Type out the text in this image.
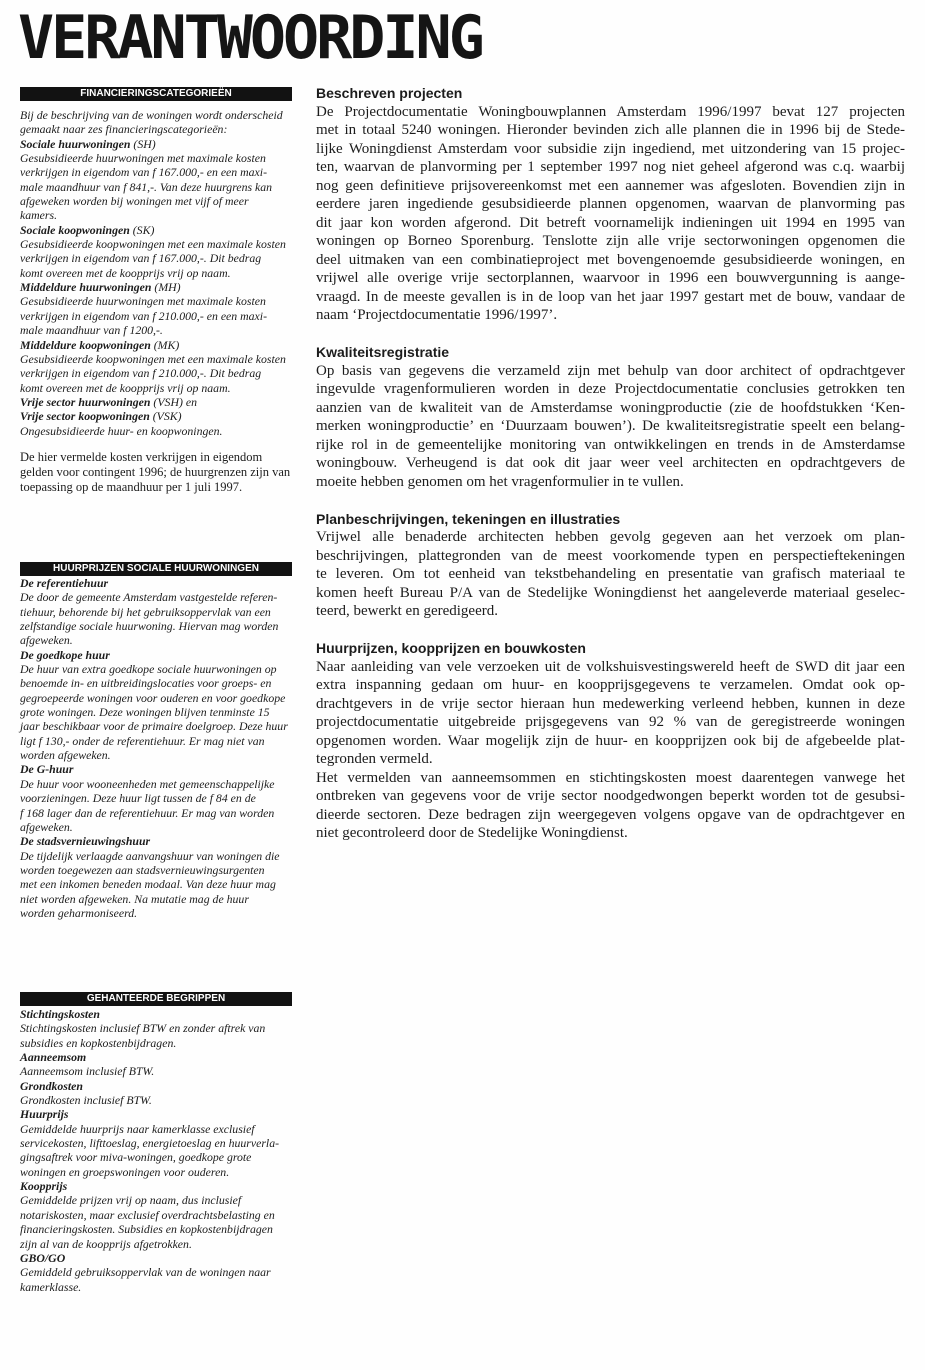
VERANTWOORDING
FINANCIERINGSCATEGORIEËN
Bij de beschrijving van de woningen wordt onderscheid
gemaakt naar zes financieringscategorieën:
Sociale huurwoningen (SH)
Gesubsidieerde huurwoningen met maximale kosten
verkrijgen in eigendom van f 167.000,- en een maxi-
male maandhuur van f 841,-. Van deze huurgrens kan
afgeweken worden bij woningen met vijf of meer
kamers.
Sociale koopwoningen (SK)
Gesubsidieerde koopwoningen met een maximale kosten
verkrijgen in eigendom van f 167.000,-. Dit bedrag
komt overeen met de koopprijs vrij op naam.
Middeldure huurwoningen (MH)
Gesubsidieerde huurwoningen met maximale kosten
verkrijgen in eigendom van f 210.000,- en een maxi-
male maandhuur van f 1200,-.
Middeldure koopwoningen (MK)
Gesubsidieerde koopwoningen met een maximale kosten
verkrijgen in eigendom van f 210.000,-. Dit bedrag
komt overeen met de koopprijs vrij op naam.
Vrije sector huurwoningen (VSH) en
Vrije sector koopwoningen (VSK)
Ongesubsidieerde huur- en koopwoningen.
De hier vermelde kosten verkrijgen in eigendom
gelden voor contingent 1996; de huurgrenzen zijn van
toepassing op de maandhuur per 1 juli 1997.
HUURPRIJZEN SOCIALE HUURWONINGEN
De referentiehuur
De door de gemeente Amsterdam vastgestelde referen-
tiehuur, behorende bij het gebruiksoppervlak van een
zelfstandige sociale huurwoning. Hiervan mag worden
afgeweken.
De goedkope huur
De huur van extra goedkope sociale huurwoningen op
benoemde in- en uitbreidingslocaties voor groeps- en
gegroepeerde woningen voor ouderen en voor goedkope
grote woningen. Deze woningen blijven tenminste 15
jaar beschikbaar voor de primaire doelgroep. Deze huur
ligt f 130,- onder de referentiehuur. Er mag niet van
worden afgeweken.
De G-huur
De huur voor wooneenheden met gemeenschappelijke
voorzieningen. Deze huur ligt tussen de f 84 en de
f 168 lager dan de referentiehuur. Er mag van worden
afgeweken.
De stadsvernieuwingshuur
De tijdelijk verlaagde aanvangshuur van woningen die
worden toegewezen aan stadsvernieuwingsurgenten
met een inkomen beneden modaal. Van deze huur mag
niet worden afgeweken. Na mutatie mag de huur
worden geharmoniseerd.
GEHANTEERDE BEGRIPPEN
Stichtingskosten
Stichtingskosten inclusief BTW en zonder aftrek van
subsidies en kopkostenbijdragen.
Aanneemsom
Aanneemsom inclusief BTW.
Grondkosten
Grondkosten inclusief BTW.
Huurprijs
Gemiddelde huurprijs naar kamerklasse exclusief
servicekosten, lifttoeslag, energietoeslag en huurverla-
gingsaftrek voor miva-woningen, goedkope grote
woningen en groepswoningen voor ouderen.
Koopprijs
Gemiddelde prijzen vrij op naam, dus inclusief
notariskosten, maar exclusief overdrachtsbelasting en
financieringskosten. Subsidies en kopkostenbijdragen
zijn al van de koopprijs afgetrokken.
GBO/GO
Gemiddeld gebruiksoppervlak van de woningen naar
kamerklasse.
Beschreven projecten

De Projectdocumentatie Woningbouwplannen Amsterdam 1996/1997 bevat 127 projecten
met in totaal 5240 woningen. Hieronder bevinden zich alle plannen die in 1996 bij de Stede-
lijke Woningdienst Amsterdam voor subsidie zijn ingediend, met uitzondering van 15 projec-
ten, waarvan de planvorming per 1 september 1997 nog niet geheel afgerond was c.q. waarbij
nog geen definitieve prijsovereenkomst met een aannemer was afgesloten. Bovendien zijn in
eerdere jaren ingediende gesubsidieerde plannen opgenomen, waarvan de planvorming pas
dit jaar kon worden afgerond. Dit betreft voornamelijk indieningen uit 1994 en 1995 van
woningen op Borneo Sporenburg. Tenslotte zijn alle vrije sectorwoningen opgenomen die
deel uitmaken van een combinatieproject met bovengenoemde gesubsidieerde woningen, en
vrijwel alle overige vrije sectorplannen, waarvoor in 1996 een bouwvergunning is aange-
vraagd. In de meeste gevallen is in de loop van het jaar 1997 gestart met de bouw, vandaar de
naam ‘Projectdocumentatie 1996/1997’.

Kwaliteitsregistratie

Op basis van gegevens die verzameld zijn met behulp van door architect of opdrachtgever
ingevulde vragenformulieren worden in deze Projectdocumentatie conclusies getrokken ten
aanzien van de kwaliteit van de Amsterdamse woningproductie (zie de hoofdstukken ‘Ken-
merken woningproductie’ en ‘Duurzaam bouwen’). De kwaliteitsregistratie speelt een belang-
rijke rol in de gemeentelijke monitoring van ontwikkelingen en trends in de Amsterdamse
woningbouw. Verheugend is dat ook dit jaar weer veel architecten en opdrachtgevers de
moeite hebben genomen om het vragenformulier in te vullen.

Planbeschrijvingen, tekeningen en illustraties

Vrijwel alle benaderde architecten hebben gevolg gegeven aan het verzoek om plan-
beschrijvingen, plattegronden van de meest voorkomende typen en perspectieftekeningen
te leveren. Om tot eenheid van tekstbehandeling en presentatie van grafisch materiaal te
komen heeft Bureau P/A van de Stedelijke Woningdienst het aangeleverde materiaal geselec-
teerd, bewerkt en geredigeerd.

Huurprijzen, koopprijzen en bouwkosten

Naar aanleiding van vele verzoeken uit de volkshuisvestingswereld heeft de SWD dit jaar een
extra inspanning gedaan om huur- en koopprijsgegevens te verzamelen. Omdat ook op-
drachtgevers in de vrije sector hieraan hun medewerking verleend hebben, kunnen in deze
projectdocumentatie uitgebreide prijsgegevens van 92 % van de geregistreerde woningen
opgenomen worden. Waar mogelijk zijn de huur- en koopprijzen ook bij de afgebeelde plat-
tegronden vermeld.

Het vermelden van aanneemsommen en stichtingskosten moest daarentegen vanwege het
ontbreken van gegevens voor de vrije sector noodgedwongen beperkt worden tot de gesubsi-
dieerde sectoren. Deze bedragen zijn weergegeven volgens opgave van de opdrachtgever en
niet gecontroleerd door de Stedelijke Woningdienst.
